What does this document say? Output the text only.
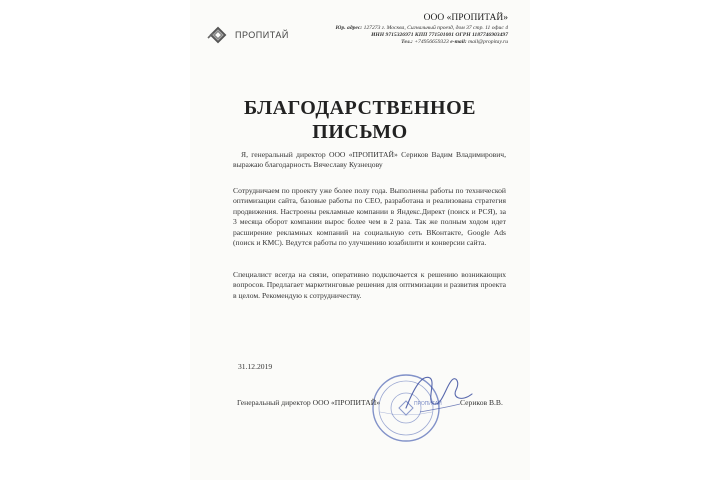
ПРОПИТАЙ
ООО «ПРОПИТАЙ»
Юр. адрес: 127273 г. Москва, Сигнальный проезд, дом 37 стр. 11 офис 4
ИНН 9715326971 КПП 771501001 ОГРН 1187746903497
Тел.: +74956659323 e-mail: mail@propitay.ru
БЛАГОДАРСТВЕННОЕ
ПИСЬМО
Я, генеральный директор ООО «ПРОПИТАЙ» Сериков Вадим Владимирович, выражаю благодарность Вячеславу Кузнецову
Сотрудничаем по проекту уже более полу года. Выполнены работы по технической оптимизации сайта, базовые работы по СЕО, разработана и реализована стратегия продвижения. Настроены рекламные компании в Яндекс.Директ (поиск и РСЯ), за 3 месяца оборот компании вырос более чем в 2 раза. Так же полным ходом идет расширение рекламных компаний на социальную сеть ВКонтакте, Google Ads (поиск и КМС). Ведутся работы по улучшению юзабилити и конверсии сайта.
Специалист всегда на связи, оперативно подключается к решению возникающих вопросов. Предлагает маркетинговые решения для оптимизации и развития проекта в целом. Рекомендую к сотрудничеству.
31.12.2019
ПРОПИТАЙ
Генеральный директор ООО «ПРОПИТАЙ»	Сериков В.В.
